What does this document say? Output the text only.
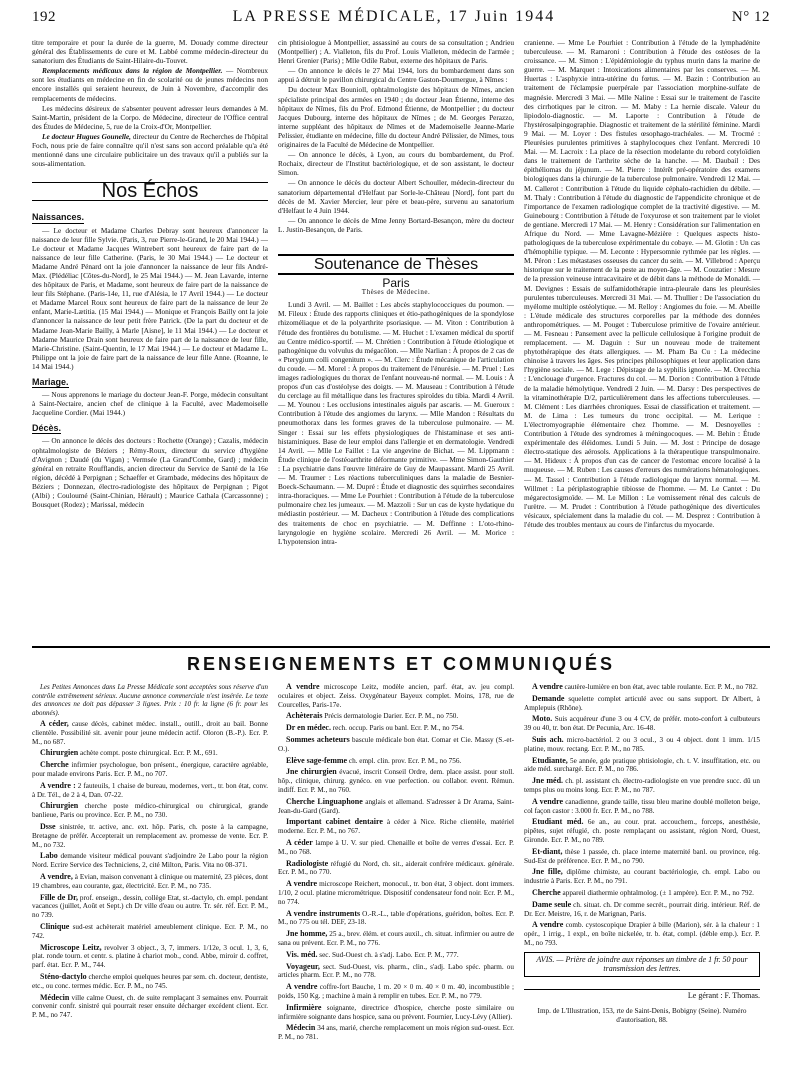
192	LA PRESSE MÉDICALE, 17 Juin 1944	N° 12

titre temporaire et pour la durée de la guerre, M. Douady comme directeur général des Établissements de cure et M. Labbé comme médecin-directeur du sanatorium des Étudiants de Saint-Hilaire-du-Touvet.

Remplacements médicaux dans la région de Montpellier. — Nombreux sont les étudiants en médecine en fin de scolarité ou de jeunes médecins non encore installés qui seraient heureux, de Juin à Novembre, d'accomplir des remplacements de médecins.

Les médecins désireux de s'absenter peuvent adresser leurs demandes à M. Saint-Martin, président de la Corpo. de Médecine, directeur de l'Office central des Études de Médecine, 5, rue de la Croix-d'Or, Montpellier.

Le docteur Hugues Gounelle, directeur du Centre de Recherches de l'hôpital Foch, nous prie de faire connaître qu'il n'est sans son accord préalable qu'a été mentionné dans une circulaire publicitaire un des travaux qu'il a publiés sur la sous-alimentation.

Nos Échos
Naissances.

— Le docteur et Madame Charles Debray sont heureux d'annoncer la naissance de leur fille Sylvie. (Paris, 3, rue Pierre-le-Grand, le 20 Mai 1944.) — Le docteur et Madame Jacques Wintrebert sont heureux de faire part de la naissance de leur fille Catherine. (Paris, le 30 Mai 1944.) — Le docteur et Madame André Pénard ont la joie d'annoncer la naissance de leur fils André-Max. (Plédéliac [Côtes-du-Nord], le 25 Mai 1944.) — M. Jean Lavarde, interne des hôpitaux de Paris, et Madame, sont heureux de faire part de la naissance de leur fils Stéphane. (Paris-14e, 11, rue d'Alésia, le 17 Avril 1944.) — Le docteur et Madame Marcel Roux sont heureux de faire part de la naissance de leur 2e enfant, Marie-Lætitia. (15 Mai 1944.) — Monique et François Bailly ont la joie d'annoncer la naissance de leur petit frère Patrick. (De la part du docteur et de Madame Jean-Marie Bailly, à Marle [Aisne], le 11 Mai 1944.) — Le docteur et Madame Maurice Drain sont heureux de faire part de la naissance de leur fille, Marie-Christine. (Saint-Quentin, le 17 Mai 1944.) — Le docteur et Madame L. Philippe ont la joie de faire part de la naissance de leur fille Anne. (Roanne, le 14 Mai 1944.)

Mariage.

— Nous apprenons le mariage du docteur Jean-F. Porge, médecin consultant à Saint-Nectaire, ancien chef de clinique à la Faculté, avec Mademoiselle Jacqueline Cordier. (Mai 1944.)

Décès.

— On annonce le décès des docteurs : Rochette (Orange) ; Cazalis, médecin ophtalmologiste de Béziers ; Rémy-Roux, directeur du service d'hygiène d'Avignon ; Daudé (du Vigan) ; Vermsée (La Grand'Combe, Gard) ; médecin général en retraite Roufflandis, ancien directeur du Service de Santé de la 16e région, décédé à Perpignan ; Schaeffer et Grambade, médecins des hôpitaux de Béziers ; Donnezan, électro-radiologiste des hôpitaux de Perpignan ; Pigot (Albi) ; Couloumé (Saint-Chinian, Hérault) ; Maurice Cathala (Carcassonne) ; Bousquet (Rodez) ; Marissal, médecin

cin phtisiologue à Montpellier, assassiné au cours de sa consultation ; Andrieu (Montpellier) ; A. Vialleton, fils du Prof. Louis Vialleton, médecin de l'armée ; Henri Grenier (Paris) ; Mlle Odile Rabut, externe des hôpitaux de Paris.

— On annonce le décès le 27 Mai 1944, lors du bombardement dans son appui à détruit le pavillon chirurgical du Centre Gaston-Doumergue, à Nîmes :

Du docteur Max Bounioll, ophtalmologiste des hôpitaux de Nîmes, ancien spécialiste principal des armées en 1940 ; du docteur Jean Étienne, interne des hôpitaux de Nîmes, fils du Prof. Edmond Étienne, de Montpellier ; du docteur Jacques Dubourg, interne des hôpitaux de Nîmes ; de M. Georges Perazzo, interne suppléant des hôpitaux de Nîmes et de Mademoiselle Jeanne-Marie Pelissier, étudiante en médecine, fille du docteur André Pélissier, de Nîmes, tous originaires de la Faculté de Médecine de Montpellier.

— On annonce le décès, à Lyon, au cours du bombardement, du Prof. Rochaix, directeur de l'Institut bactériologique, et de son assistant, le docteur Simon.

— On annonce le décès du docteur Albert Schouller, médecin-directeur du sanatorium départemental d'Helfaut par Sorle-le-Château [Nord], font part du décès de M. Xavier Mercier, leur père et beau-père, survenu au sanatorium d'Helfaut le 4 Juin 1944.

— On annonce le décès de Mme Jenny Bortard-Besançon, mère du docteur L. Justin-Besançon, de Paris.

Soutenance de Thèses
Paris
Thèses de Médecine.

Lundi 3 Avril. — M. Baillet : Les abcès staphylococciques du poumon. — M. Fileux : Étude des rapports cliniques et étio-pathogéniques de la spondylose rhizoméliaque et de la polyarthrite psoriasique. — M. Viton : Contribution à l'étude des frontières du botulisme. — M. Huchet : L'examen médical du sportif au Centre médico-sportif. — M. Chrétien : Contribution à l'étude étiologique et pathogénique du volvulus du mégacôlon. — Mlle Narlian : À propos de 2 cas de « Pterygium colli congenitum ». — M. Clerc : Étude mécanique de l'articulation du coude. — M. Morel : À propos du traitement de l'énurésie. — M. Pruel : Les images radiologiques du thorax de l'enfant nouveau-né normal. — M. Louis : À propos d'un cas d'ostéolyse des doigts. — M. Mauseau : Contribution à l'étude du cerclage au fil métallique dans les fractures spiroïdes du tibia. Mardi 4 Avril. — M. Younou : Les occlusions intestinales aiguës par ascaris. — M. Gueroux : Contribution à l'étude des angiomes du larynx. — Mlle Mandon : Résultats du pneumothorax dans les formes graves de la tuberculose pulmonaire. — M. Singer : Essai sur les effets physiologiques de l'histaminase et ses anti-histaminiques. Base de leur emploi dans l'allergie et en dermatologie. Vendredi 14 Avril. — Mlle Le Faillet : La vie angevine de Bichat. — M. Lippmann : Étude clinique de l'ostéoarthrite déformante primitive. — Mme Simon-Gauthier : La psychiatrie dans l'œuvre littéraire de Guy de Maupassant. Mardi 25 Avril. — M. Traumer : Les réactions tuberculiniques dans la maladie de Besnier-Boeck-Schaumann. — M. Dupré : Étude et diagnostic des squirrhes secondaires intra-thoraciques. — Mme Le Pourhiet : Contribution à l'étude de la tuberculose pulmonaire chez les jumeaux. — M. Mazzoli : Sur un cas de kyste hydatique du médiastin postérieur. — M. Dacheux : Contribution à l'étude des complications des traitements de choc en psychiatrie. — M. Deffinne : L'oto-rhino-laryngologie en hygiène scolaire. Mercredi 26 Avril. — M. Morice : L'hypotension intra-

cranienne. — Mme Le Pourhiet : Contribution à l'étude de la lymphadénite tuberculeuse. — M. Ramaroni : Contribution à l'étude des ostéoses de la croissance. — M. Simon : L'épidémiologie du typhus murin dans la marine de guerre. — M. Marquet : Intoxications alimentaires par les conserves. — M. Huertas : L'asphyxie intra-utérine du fœtus. — M. Bazin : Contribution au traitement de l'éclampsie puerpérale par l'association morphine-sulfate de magnésie. Mercredi 3 Mai. — Mlle Naline : Essai sur le traitement de l'ascite des cirrhotiques par le citron. — M. Maby : La hernie discale. Valeur du lipiodolo-diagnostic. — M. Laporte : Contribution à l'étude de l'hystérosalpingographie. Diagnostic et traitement de la stérilité féminine. Mardi 9 Mai. — M. Loyer : Des fistules œsophago-trachéales. — M. Trocmé : Pleurésies purulentes primitives à staphylocoques chez l'enfant. Mercredi 10 Mai. — M. Lacroix : La place de la résection modelante du rebord cotyloïdien dans le traitement de l'arthrite sèche de la hanche. — M. Daubail : Des épithéliomas du jéjunum. — M. Pierre : Intérêt pré-opératoire des examens biologiques dans la chirurgie de la tuberculose pulmonaire. Vendredi 12 Mai. — M. Callerot : Contribution à l'étude du liquide céphalo-rachidien du débile. — M. Thaly : Contribution à l'étude du diagnostic de l'appendicite chronique et de l'importance de l'examen radiologique complet de la tractivité digestive. — M. Guinebourg : Contribution à l'étude de l'oxyurose et son traitement par le violet de gentiane. Mercredi 17 Mai. — M. Henry : Considération sur l'alimentation en Afrique du Nord. — Mme Lavagne-Mézière : Quelques aspects histo-pathologiques de la tuberculose expérimentale du cobaye. — M. Glotin : Un cas d'hémophilie typique. — M. Leconte : Hypersomnie rythmée par les règles. — M. Péron : Les métastases osseuses du cancer du sein. — M. Villebrod : Aperçu historique sur le traitement de la peste au moyen-âge. — M. Couzatier : Mesure de la pression veineuse intracavitaire et de débit dans la méthode de Monaldi. — M. Devignes : Essais de sulfamidothérapie intra-pleurale dans les pleurésies purulentes tuberculeuses. Mercredi 31 Mai. — M. Thullier : De l'association du myélome multiple ostéolytique. — M. Relloy : Angiomes du foie. — M. Abeille : L'étude médicale des structures corporelles par la méthode des données anthropométriques. — M. Pouget : Tuberculose primitive de l'ovaire antérieur. — M. Fesneau : Pansement avec la pellicule cellulosique à l'origine produit de remplacement. — M. Daguin : Sur un nouveau mode de traitement phytothérapique des états allergiques. — M. Pham Ba Cu : La médecine chinoise à travers les âges. Ses principes philosophiques et leur application dans l'hygiène sociale. — M. Lege : Dépistage de la syphilis ignorée. — M. Orecchia : L'enclouage d'urgence. Fractures du col. — M. Dorion : Contribution à l'étude de la maladie hémolytique. Vendredi 2 Juin. — M. Darsy : Des perspectives de la vitaminothérapie D/2, particulièrement dans les affections tuberculeuses. — M. Clément : Les diarrhées chroniques. Essai de classification et traitement. — M. de Lima : Les tumeurs du tronc occipital. — M. Lerique : L'électromyographie élémentaire chez l'homme. — M. Desnoyelles : Contribution à l'étude des syndromes à méningocoques. — M. Behin : Étude expérimentale des éléidomes. Lundi 5 Juin. — M. Jost : Principe de dosage électro-statique des aérosols. Applications à la thérapeutique transpulmonaire. — M. Hideux : À propos d'un cas de cancer de l'estomac encore localisé à la muqueuse. — M. Ruben : Les causes d'erreurs des numérations hématologiques. — M. Tassel : Contribution à l'étude radiologique du larynx normal. — M. Willmet : La périplastographie tibiosse de l'homme. — M. Le Cantet : Du mégarectosigmoïde. — M. Le Millon : Le vomissement rénal des calculs de l'urètre. — M. Prudet : Contribution à l'étude pathogénique des diverticules vésicaux, spécialement dans la maladie du col. — M. Desprez : Contribution à l'étude des troubles mentaux au cours de l'infarctus du myocarde.

RENSEIGNEMENTS ET COMMUNIQUÉS

Les Petites Annonces dans La Presse Médicale sont acceptées sous réserve d'un contrôle extrêmement sérieux. Aucune annonce commerciale n'est insérée. Le texte des annonces ne doit pas dépasser 3 lignes. Prix : 10 fr. la ligne (6 fr. pour les abonnés).

A céder, cause décès, cabinet médec. install., outill., droit au bail. Bonne clientèle. Possibilité sit. avenir pour jeune médecin actif. Oloron (B.-P.). Ecr. P. M., no 687.

Chirurgien achète compt. poste chirurgical. Ecr. P. M., 691.

Cherche infirmier psychologue, bon présent., énergique, caractère agréable, pour malade environs Paris. Ecr. P. M., no 707.

A vendre : 2 fauteuils, 1 chaise de bureau, modernes, vert., tr. bon état, conv. à Dr. Tél., de 2 à 4, Dan. 07-22.

Chirurgien cherche poste médico-chirurgical ou chirurgical, grande banlieue, Paris ou province. Ecr. P. M., no 730.

Dsse sinistrée, tr. active, anc. ext. hôp. Paris, ch. poste à la campagne, Bretagne de préfér. Accepterait un remplacement av. promesse de vente. Ecr. P. M., no 732.

Labo demande visiteur médical pouvant s'adjoindre 2e Labo pour la région Nord. Ecrire Service des Techniciens, 2, cité Milton, Paris. Vita no 08-371.

A vendre, à Evian, maison convenant à clinique ou maternité, 23 pièces, dont 19 chambres, eau courante, gaz, électricité. Ecr. P. M., no 735.

Fille de Dr, prof. enseign., dessin, collège Etat, st.-dactylo, ch. empl. pendant vacances (juillet, Août et Sept.) ch Dr ville d'eau ou autre. Tr. sér. réf. Ecr. P. M., no 739.

Clinique sud-est achèterait matériel ameublement clinique. Ecr. P. M., no 742.

Microscope Leitz, revolver 3 object., 3, 7, immers. 1/12e, 3 ocul. 1, 3, 6, plat. ronde tourn. et centr. s. platine à chariot mob., cond. Abbe, miroir d. coffret, parf. état. Ecr. P. M., 744.

Sténo-dactylo cherche emploi quelques heures par sem. ch. docteur, dentiste, etc., ou conc. termes médic. Ecr. P. M., no 745.

Médecin ville calme Ouest, ch. de suite remplaçant 3 semaines env. Pourrait convenir confr. sinistré qui pourrait reser ensuite décharger excédent client. Ecr. P. M., no 747.

A vendre microscope Leitz, modèle ancien, parf. état, av. jeu compl. oculaires et object. Zeiss. Oxygénateur Bayeux complet. Moins, 178, rue de Courcelles, Paris-17e.

Achèterais Précis dermatologie Darier. Ecr. P. M., no 750.

Dr en médec. rech. occup. Paris ou banl. Ecr. P. M., no 754.

Sommes acheteurs bascule médicale bon état. Comar et Cie. Massy (S.-et-O.).

Elève sage-femme ch. empl. clin. prov. Ecr. P. M., no 756.

Jne chirurgien évacué, inscrit Conseil Ordre, dem. place assist. pour stoll. hôp., clinique, chirurg. gynéco. en vue perfection. ou collabor. event. Rémun. indiff. Ecr. P. M., no 760.

Cherche Linguaphone anglais et allemand. S'adresser à Dr Arama, Saint-Jean-du-Gard (Gard).

Important cabinet dentaire à céder à Nice. Riche clientèle, matériel moderne. Ecr. P. M., no 767.

A céder lampe à U. V. sur pied. Chenaille et boîte de verres d'essai. Ecr. P. M., no 768.

Radiologiste réfugié du Nord, ch. sit., aiderait confrère médicaux. générale. Ecr. P. M., no 770.

A vendre microscope Reichert, monocul., tr. bon état, 3 object. dont immers. 1/10, 2 ocul. platine micrométrique. Dispositif condensateur fond noir. Ecr. P. M., no 774.

A vendre instruments O.-R.-L., table d'opérations, guéridon, boîtes. Ecr. P. M., no 775 ou tél. DEF, 23-18.

Jne homme, 25 a., brev. élém. et cours auxil., ch. situat. infirmier ou autre de sana ou prévent. Ecr. P. M., no 776.

Vis. méd. sec. Sud-Ouest ch. à s'adj. Labo. Ecr. P. M., 777.

Voyageur, sect. Sud-Ouest, vis. pharm., clin., s'adj. Labo spéc. pharm. ou articles pharm. Ecr. P. M., no 778.

A vendre coffre-fort Bauche, 1 m. 20 × 0 m. 40 × 0 m. 40, incombustible ; poids, 150 Kg. ; machine à main à remplir en tubes. Ecr. P. M., no 779.

Infirmière soignante, directrice d'hospice, cherche poste similaire ou infirmière soignante dans hospice, sana ou prévent. Fournier, Lucy-Lévy (Allier).

Médecin 34 ans, marié, cherche remplacement un mois région sud-ouest. Ecr. P. M., no 781.

A vendre cautère-lumière en bon état, avec table roulante. Ecr. P. M., no 782.

Demande squelette complet articulé avec ou sans support. Dr Albert, à Amplepuis (Rhône).

Moto. Suis acquéreur d'une 3 ou 4 CV, de préfér. moto-confort à culbuteurs 39 ou 40, tr. bon état. Dr Pecunia, Arc. 16-48.

Suis ach. micro-bactériol. 2 ou 3 ocul., 3 ou 4 object. dont 1 imm. 1/15 platine, mouv. rectang. Ecr. P. M., no 785.

Etudiante, 5e année, gde pratique phtisiologie, ch. t. V. insuffitation, etc. ou aide méd. surchargé. Ecr. P. M., no 786.

Jne méd. ch. pl. assistant ch. électro-radiologiste en vue prendre succ. dû un temps plus ou moins long. Ecr. P. M., no 787.

A vendre canadienne, grande taille, tissu bleu marine doublé molleton beige, col façon castor : 3.000 fr. Ecr. P. M., no 788.

Etudiant méd. 6e an., au cour. prat. accouchem., forceps, anesthésie, pipêtes, sujet réfugié, ch. poste remplaçant ou assistant, région Nord, Ouest, Gironde. Ecr. P. M., no 789.

Et-diant, thèse 1 passée, ch. place interne maternité banl. ou province, rég. Sud-Est de préférence. Ecr. P. M., no 790.

Jne fille, diplôme chimiste, au courant bactériologie, ch. empl. Labo ou industrie à Paris. Ecr. P. M., no 791.

Cherche appareil diathermie ophtalmolog. (± 1 ampère). Ecr. P. M., no 792.

Dame seule ch. situat. ch. Dr comme secrét., pourrait dirig. intérieur. Réf. de Dr. Ecr. Meistre, 16, r. de Marignan, Paris.

A vendre comb. cystoscopique Drapier à bille (Marion), sér. à la chaleur : 1 opér., 1 irrig., 1 expl., en boîte nickelée, tr. b. état, compl. (déble emp.). Ecr. P. M., no 793.

AVIS. — Prière de joindre aux réponses un timbre de 1 fr. 50 pour transmission des lettres.
Le gérant : F. Thomas.
Imp. de L'Illustration, 153, rte de Saint-Denis, Bobigny (Seine). Numéro d'autorisation, 88.
